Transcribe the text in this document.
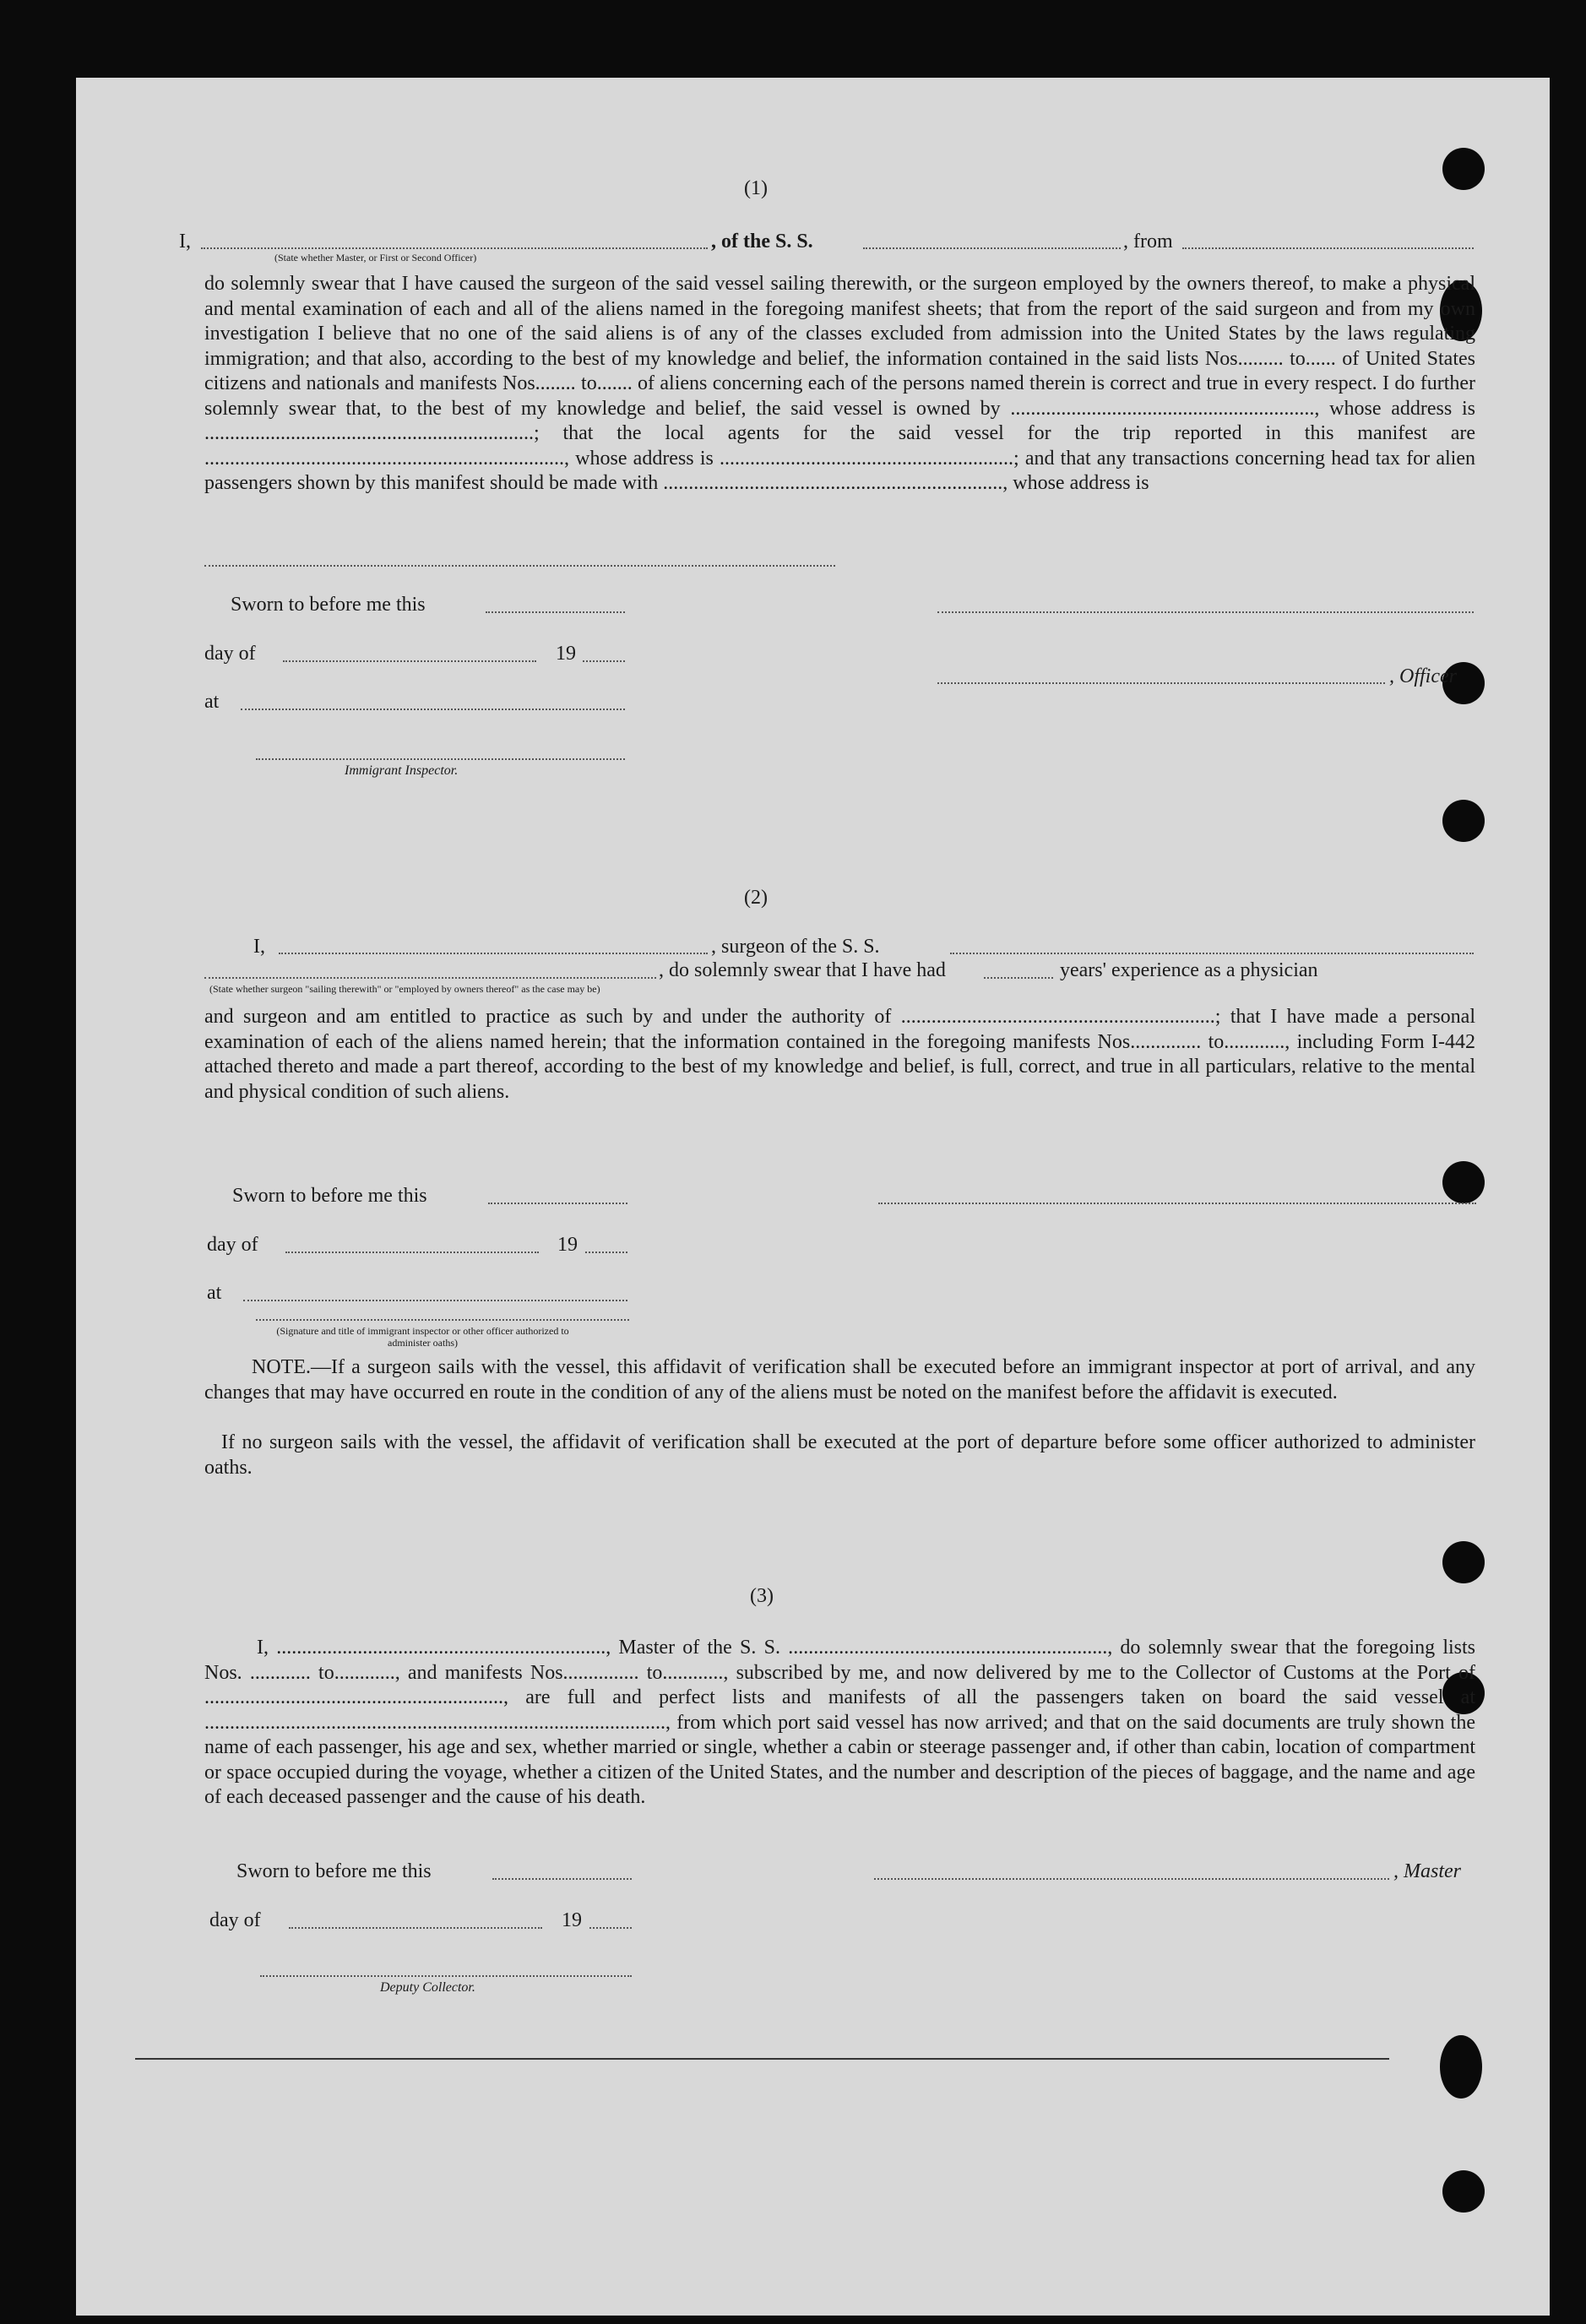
(1)
I,	, of the S. S.	, from
(State whether Master, or First or Second Officer)
do solemnly swear that I have caused the surgeon of the said vessel sailing therewith, or the surgeon employed by the owners thereof, to make a physical and mental examination of each and all of the aliens named in the foregoing manifest sheets; that from the report of the said surgeon and from my own investigation I believe that no one of the said aliens is of any of the classes excluded from admission into the United States by the laws regulating immigration; and that also, according to the best of my knowledge and belief, the information contained in the said lists Nos......... to...... of United States citizens and nationals and manifests Nos........ to....... of aliens concerning each of the persons named therein is correct and true in every respect. I do further solemnly swear that, to the best of my knowledge and belief, the said vessel is owned by ............................................................, whose address is .................................................................; that the local agents for the said vessel for the trip reported in this manifest are ......................................................................., whose address is ..........................................................; and that any transactions concerning head tax for alien passengers shown by this manifest should be made with ..................................................................., whose address is
Sworn to before me this
day of	19
, Officer
at
Immigrant Inspector.
(2)
I,	, surgeon of the S. S.
, do solemnly swear that I have had	years' experience as a physician
(State whether surgeon "sailing therewith" or "employed by owners thereof" as the case may be)
and surgeon and am entitled to practice as such by and under the authority of ..............................................................; that I have made a personal examination of each of the aliens named herein; that the information contained in the foregoing manifests Nos.............. to............, including Form I-442 attached thereto and made a part thereof, according to the best of my knowledge and belief, is full, correct, and true in all particulars, relative to the mental and physical condition of such aliens.
Sworn to before me this
day of	19
at
(Signature and title of immigrant inspector or other officer authorized to administer oaths)
NOTE.—If a surgeon sails with the vessel, this affidavit of verification shall be executed before an immigrant inspector at port of arrival, and any changes that may have occurred en route in the condition of any of the aliens must be noted on the manifest before the affidavit is executed.
If no surgeon sails with the vessel, the affidavit of verification shall be executed at the port of departure before some officer authorized to administer oaths.
(3)
I, ................................................................., Master of the S. S. ..............................................................., do solemnly swear that the foregoing lists Nos. ............ to............, and manifests Nos............... to............, subscribed by me, and now delivered by me to the Collector of Customs at the Port of ..........................................................., are full and perfect lists and manifests of all the passengers taken on board the said vessel at ..........................................................................................., from which port said vessel has now arrived; and that on the said documents are truly shown the name of each passenger, his age and sex, whether married or single, whether a cabin or steerage passenger and, if other than cabin, location of compartment or space occupied during the voyage, whether a citizen of the United States, and the number and description of the pieces of baggage, and the name and age of each deceased passenger and the cause of his death.
Sworn to before me this	, Master
day of	19
Deputy Collector.
